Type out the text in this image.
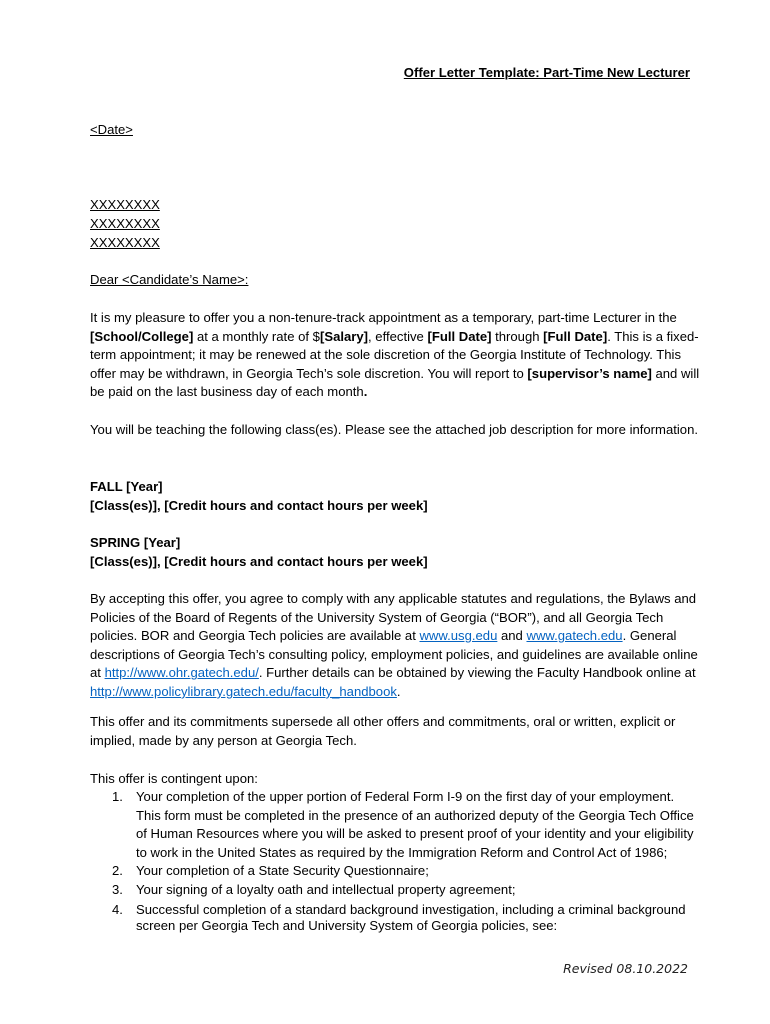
Offer Letter Template: Part-Time New Lecturer
<Date>
XXXXXXXX
XXXXXXXX
XXXXXXXX
Dear <Candidate’s Name>:
It is my pleasure to offer you a non-tenure-track appointment as a temporary, part-time Lecturer in the [School/College] at a monthly rate of $[Salary], effective [Full Date] through [Full Date]. This is a fixed-term appointment; it may be renewed at the sole discretion of the Georgia Institute of Technology. This offer may be withdrawn, in Georgia Tech’s sole discretion. You will report to [supervisor’s name] and will be paid on the last business day of each month.
You will be teaching the following class(es). Please see the attached job description for more information.
FALL [Year]
[Class(es)], [Credit hours and contact hours per week]
SPRING [Year]
[Class(es)], [Credit hours and contact hours per week]
By accepting this offer, you agree to comply with any applicable statutes and regulations, the Bylaws and Policies of the Board of Regents of the University System of Georgia (“BOR”), and all Georgia Tech policies. BOR and Georgia Tech policies are available at www.usg.edu and www.gatech.edu. General descriptions of Georgia Tech’s consulting policy, employment policies, and guidelines are available online at http://www.ohr.gatech.edu/. Further details can be obtained by viewing the Faculty Handbook online at http://www.policylibrary.gatech.edu/faculty_handbook.
This offer and its commitments supersede all other offers and commitments, oral or written, explicit or implied, made by any person at Georgia Tech.
This offer is contingent upon:
1. Your completion of the upper portion of Federal Form I-9 on the first day of your employment. This form must be completed in the presence of an authorized deputy of the Georgia Tech Office of Human Resources where you will be asked to present proof of your identity and your eligibility to work in the United States as required by the Immigration Reform and Control Act of 1986;
2. Your completion of a State Security Questionnaire;
3. Your signing of a loyalty oath and intellectual property agreement;
4. Successful completion of a standard background investigation, including a criminal background screen per Georgia Tech and University System of Georgia policies, see:
Revised 08.10.2022
